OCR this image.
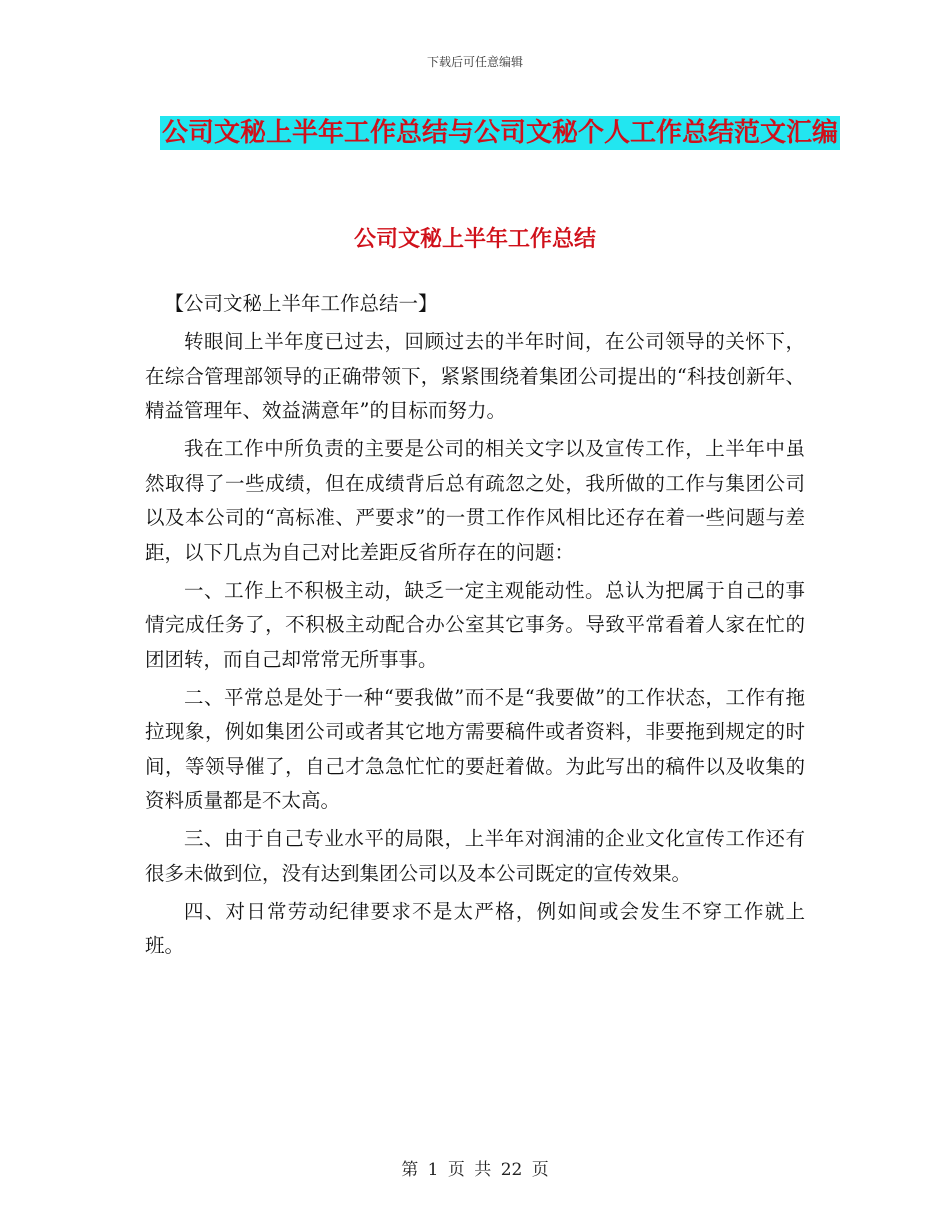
下载后可任意编辑
公司文秘上半年工作总结与公司文秘个人工作总结范文汇编
公司文秘上半年工作总结

【公司文秘上半年工作总结一】

转眼间上半年度已过去，回顾过去的半年时间，在公司领导的关怀下，在综合管理部领导的正确带领下，紧紧围绕着集团公司提出的“科技创新年、精益管理年、效益满意年”的目标而努力。

我在工作中所负责的主要是公司的相关文字以及宣传工作，上半年中虽然取得了一些成绩，但在成绩背后总有疏忽之处，我所做的工作与集团公司以及本公司的“高标准、严要求”的一贯工作作风相比还存在着一些问题与差距，以下几点为自己对比差距反省所存在的问题：

一、工作上不积极主动，缺乏一定主观能动性。总认为把属于自己的事情完成任务了，不积极主动配合办公室其它事务。导致平常看着人家在忙的团团转，而自己却常常无所事事。

二、平常总是处于一种“要我做”而不是“我要做”的工作状态，工作有拖拉现象，例如集团公司或者其它地方需要稿件或者资料，非要拖到规定的时间，等领导催了，自己才急急忙忙的要赶着做。为此写出的稿件以及收集的资料质量都是不太高。

三、由于自己专业水平的局限，上半年对润浦的企业文化宣传工作还有很多未做到位，没有达到集团公司以及本公司既定的宣传效果。

四、对日常劳动纪律要求不是太严格，例如间或会发生不穿工作就上班。

第 1 页 共 22 页
